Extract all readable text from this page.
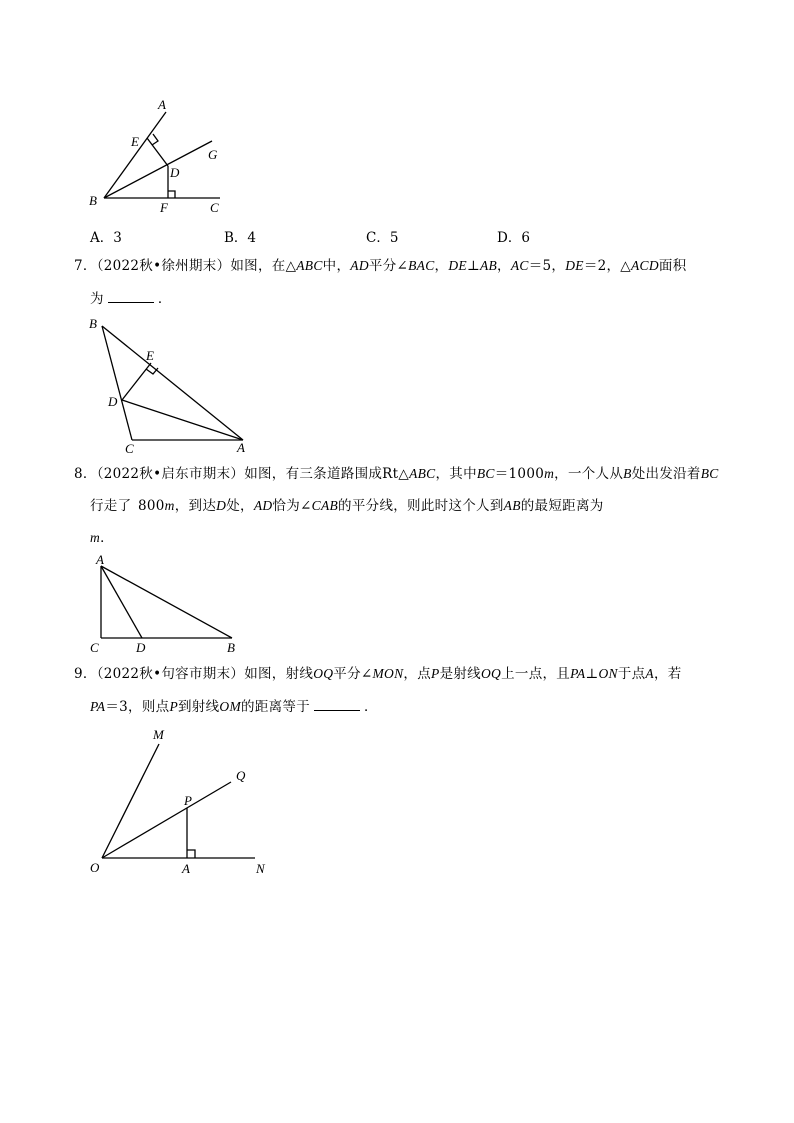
A
E
G
D
B	F	C
A．3	B．4	C．5	D．6
7．（2022秋•徐州期末）如图，在△ABC中，AD平分∠BAC，DE⊥AB，AC＝5，DE＝2，△ACD面积
为	．
B
E
D
C	A
8．（2022秋•启东市期末）如图，有三条道路围成Rt△ABC，其中BC＝1000m，一个人从B处出发沿着BC
行走了 800m，到达D处，AD恰为∠CAB的平分线，则此时这个人到AB的最短距离为
m．
A
C	D	B
9．（2022秋•句容市期末）如图，射线OQ平分∠MON，点P是射线OQ上一点，且PA⊥ON于点A，若
PA＝3，则点P到射线OM的距离等于	．
M
Q
P
O	A	N
